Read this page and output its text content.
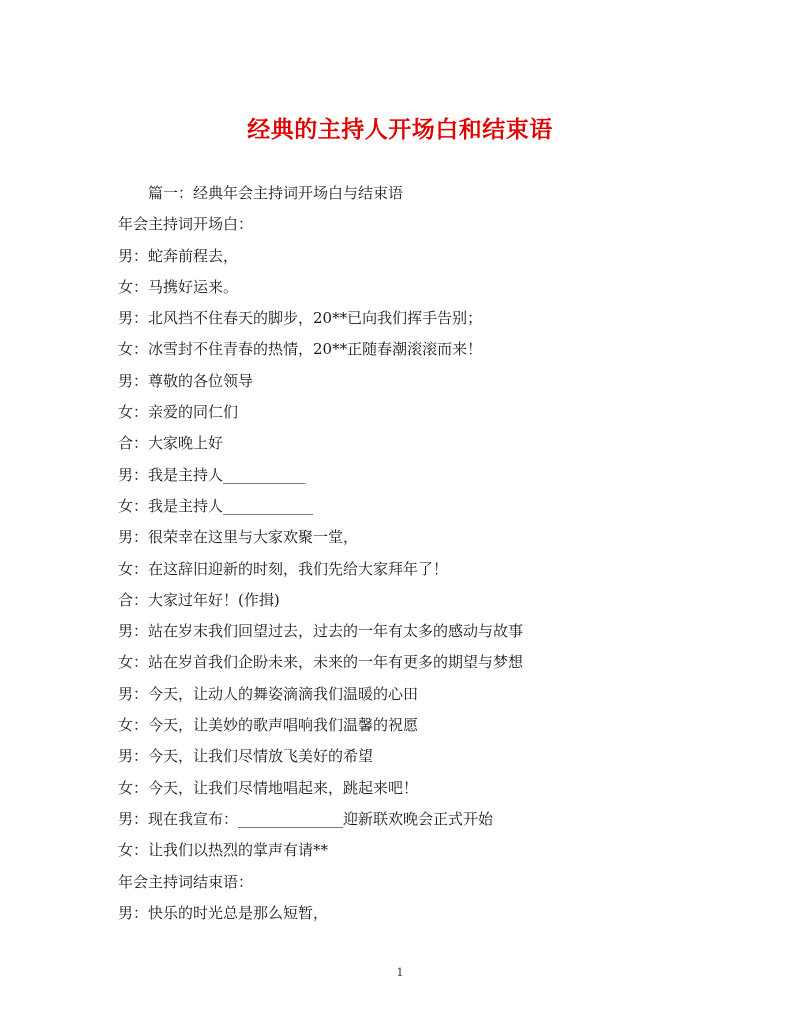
经典的主持人开场白和结束语
篇一：经典年会主持词开场白与结束语
年会主持词开场白：
男：蛇奔前程去，
女：马携好运来。
男：北风挡不住春天的脚步，20**已向我们挥手告别；
女：冰雪封不住青春的热情，20**正随春潮滚滚而来！
男：尊敬的各位领导
女：亲爱的同仁们
合：大家晚上好
男：我是主持人___________
女：我是主持人____________
男：很荣幸在这里与大家欢聚一堂，
女：在这辞旧迎新的时刻，我们先给大家拜年了！
合：大家过年好！(作揖)
男：站在岁末我们回望过去，过去的一年有太多的感动与故事
女：站在岁首我们企盼未来，未来的一年有更多的期望与梦想
男：今天，让动人的舞姿滴滴我们温暖的心田
女：今天，让美妙的歌声唱响我们温馨的祝愿
男：今天，让我们尽情放飞美好的希望
女：今天，让我们尽情地唱起来，跳起来吧！
男：现在我宣布：______________迎新联欢晚会正式开始
女：让我们以热烈的掌声有请**
年会主持词结束语：
男：快乐的时光总是那么短暂，
1
